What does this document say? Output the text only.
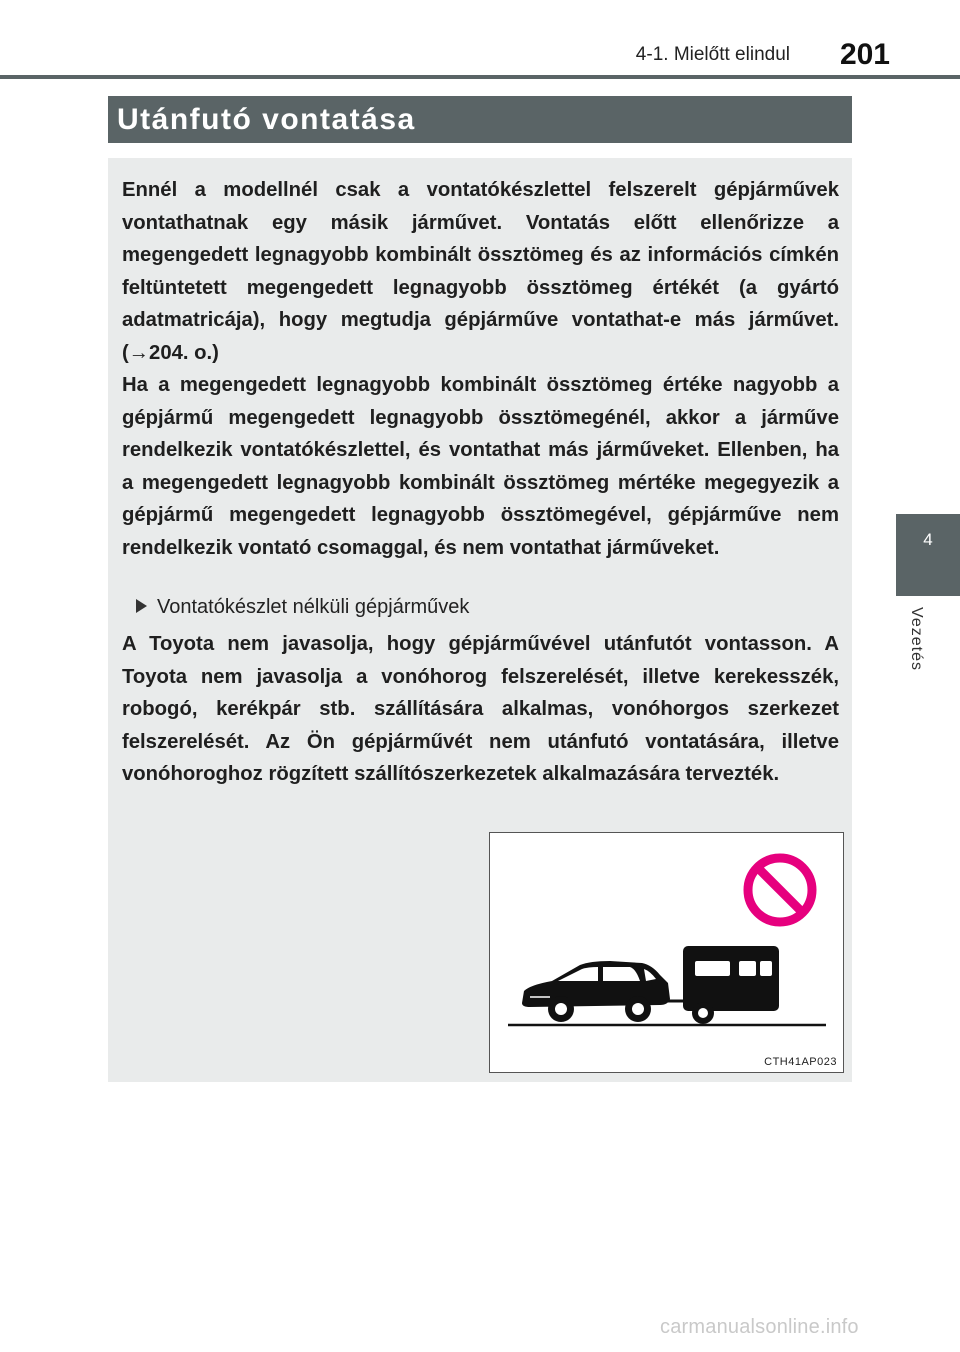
4-1. Mielőtt elindul	201
Utánfutó vontatása

Ennél a modellnél csak a vontatókészlettel felszerelt gépjárművek vontathatnak egy másik járművet. Vontatás előtt ellenőrizze a megengedett legnagyobb kombinált össztömeg és az információs címkén feltüntetett megengedett legnagyobb össztömeg értékét (a gyártó adatmatricája), hogy megtudja gépjárműve vontathat-e más járművet. (→204. o.)

Ha a megengedett legnagyobb kombinált össztömeg értéke nagyobb a gépjármű megengedett legnagyobb össztömegénél, akkor a járműve rendelkezik vontatókészlettel, és vontathat más járműveket. Ellenben, ha a megengedett legnagyobb kombinált össztömeg mértéke megegyezik a gépjármű megengedett legnagyobb össztömegével, gépjárműve nem rendelkezik vontató csomaggal, és nem vontathat járműveket.

Vontatókészlet nélküli gépjárművek

A Toyota nem javasolja, hogy gépjárművével utánfutót vontasson. A Toyota nem javasolja a vonóhorog felszerelését, illetve kerekesszék, robogó, kerékpár stb. szállítására alkalmas, vonóhorgos szerkezet felszerelését. Az Ön gépjárművét nem utánfutó vontatására, illetve vonóhoroghoz rögzített szállítószerkezetek alkalmazására tervezték.

4
Vezetés
CTH41AP023
carmanualsonline.info
